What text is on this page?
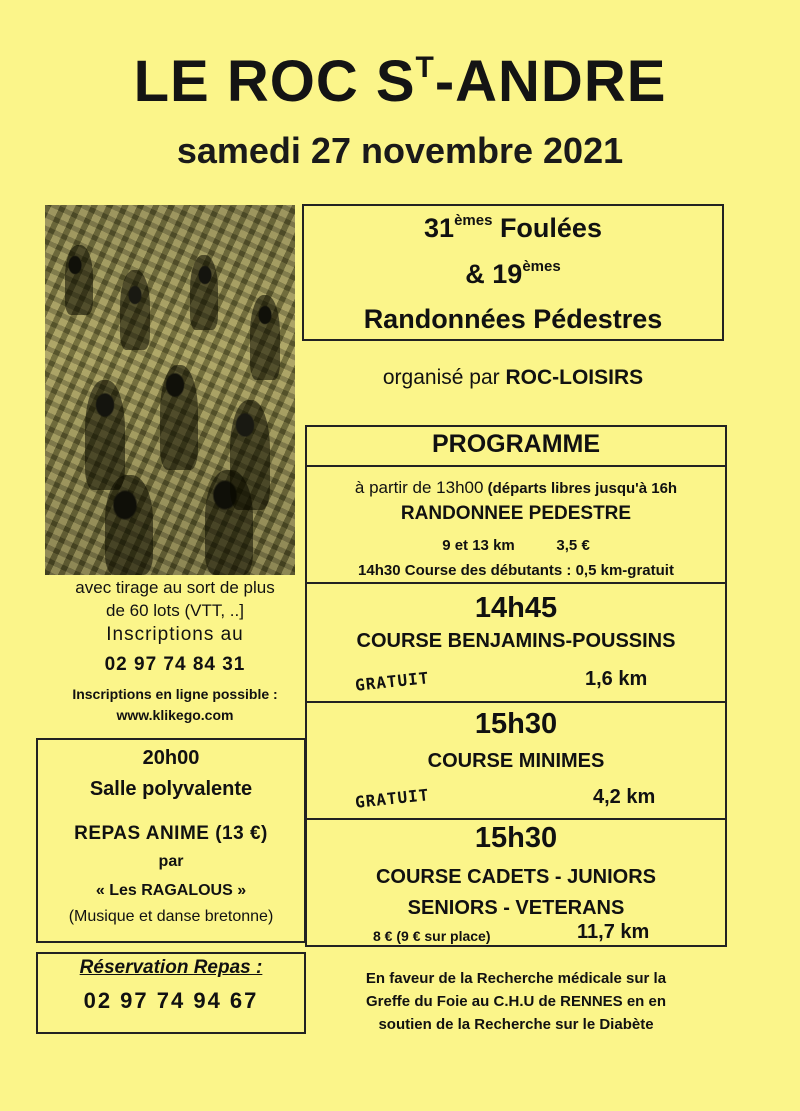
LE ROC $S^T$-ANDRE
samedi 27 novembre 2021
avec tirage au sort de plus
de 60 lots (VTT, ..]
Inscriptions au
02 97 74 84 31
Inscriptions en ligne possible :
www.klikego.com
20h00
Salle polyvalente
REPAS ANIME (13 €)
par
« Les RAGALOUS »
(Musique et danse bretonne)
Réservation Repas :
02 97 74 94 67
31èmes Foulées
& 19èmes
Randonnées Pédestres
organisé par ROC-LOISIRS
PROGRAMME
à partir de 13h00 (départs libres jusqu'à 16h
RANDONNEE PEDESTRE
9 et 13 km          3,5 €
14h30 Course des débutants : 0,5 km-gratuit
14h45
COURSE BENJAMINS-POUSSINS
GRATUIT	1,6 km
15h30
COURSE MINIMES
GRATUIT	4,2 km
15h30
COURSE CADETS - JUNIORS
SENIORS - VETERANS
8 € (9 € sur place)	11,7 km
En faveur de la Recherche médicale sur la
Greffe du Foie au C.H.U de RENNES en en
soutien de la Recherche sur le Diabète
